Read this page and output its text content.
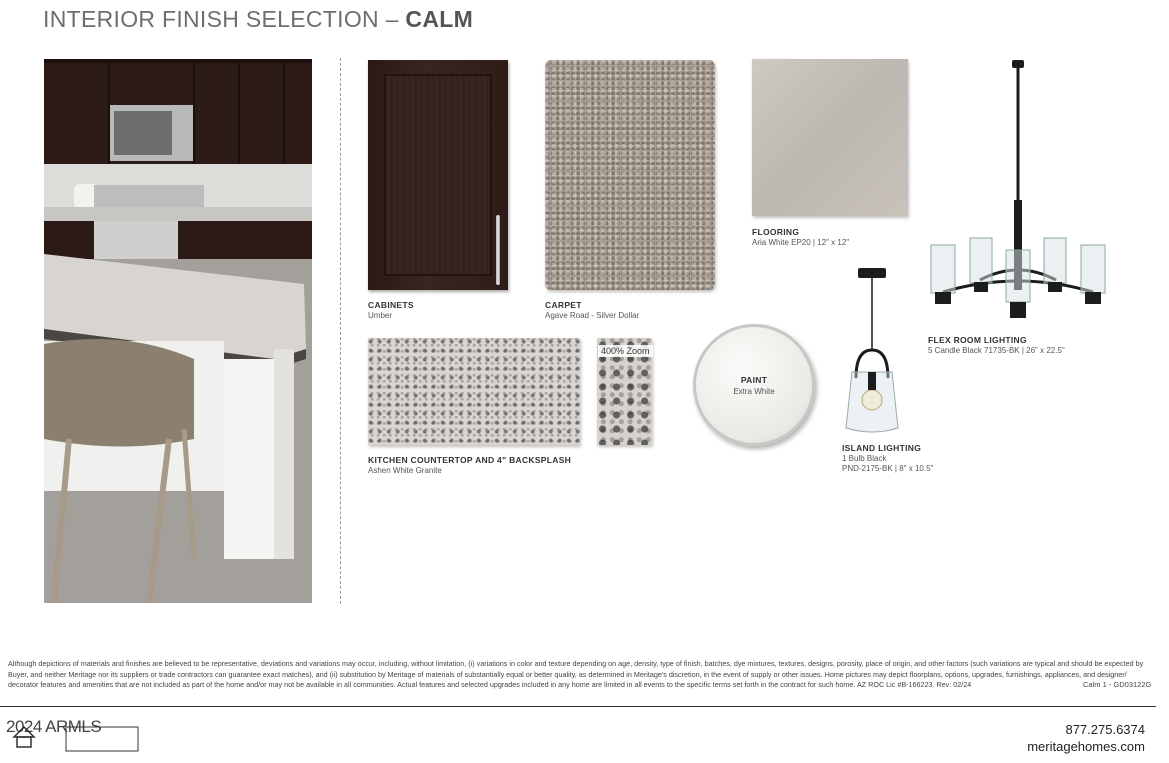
INTERIOR FINISH SELECTION – CALM
CABINETS
Umber
CARPET
Agave Road - Silver Dollar
FLOORING
Aria White EP20 | 12" x 12"
400% Zoom
KITCHEN COUNTERTOP AND 4" BACKSPLASH
Ashen White Granite
PAINT
Extra White
ISLAND LIGHTING
1 Bulb Black
PND-2175-BK | 8" x 10.5"
FLEX ROOM LIGHTING
5 Candle Black 71735-BK | 26" x 22.5"
Although depictions of materials and finishes are believed to be representative, deviations and variations may occur, including, without limitation, (i) variations in color and texture depending on age, density, type of finish, batches, dye mixtures, textures, designs, porosity, place of origin, and other factors (such variations are typical and should be expected by Buyer, and neither Meritage nor its suppliers or trade contractors can guarantee exact matches), and (ii) substitution by Meritage of materials of substantially equal or better quality, as determined in Meritage's discretion, in the event of supply or other issues. Home pictures may depict floorplans, options, upgrades, furnishings, appliances, and designer/ decorator features and amenities that are not included as part of the home and/or may not be available in all communities. Actual features and selected upgrades included in any home are limited in all events to the specific terms set forth in the contract for such home. AZ ROC Lic #B-166223. Rev: 02/24	Calm 1 - GD03122G
2024 ARMLS	877.275.6374
meritagehomes.com
